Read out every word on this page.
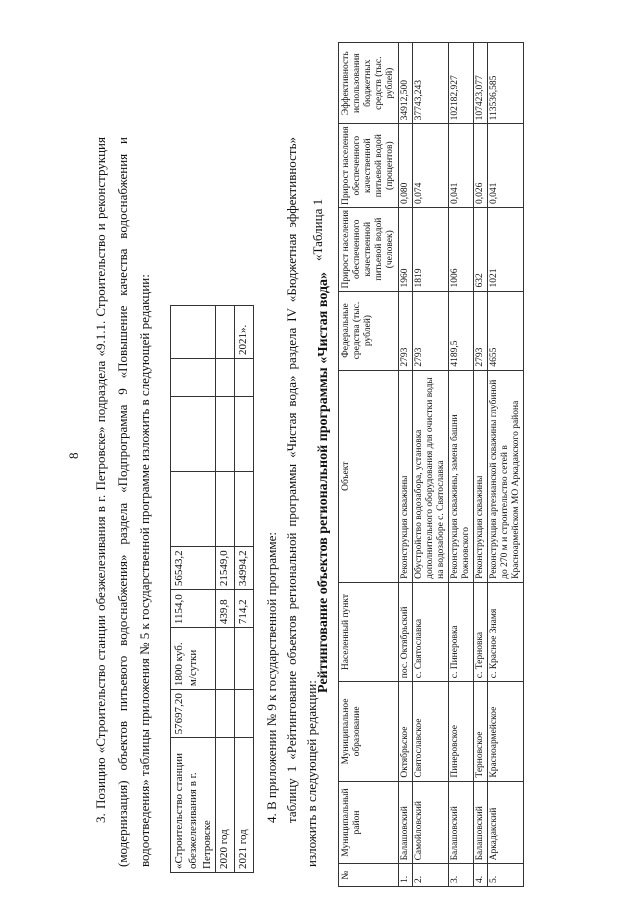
8 3. Позицию «Строительство станции обезжелезивания в г. Петровске» подраздела «9.1.1. Строительство и реконструкция (модернизация) объектов питьевого водоснабжения» раздела «Подпрограмма 9 «Повышение качества водоснабжения и водоотведения» таблицы приложения № 5 к государственной программе изложить в следующей редакции:	«Строительство станции обезжелезивания в г. Петровске	57697,20	1800 куб. м/сутки	1154,0	56543,2				
2020 год			439,8	21549,0				
2021 год			714,2	34994,2				2021».
4. В приложении № 9 к государственной программе: таблицу 1 «Рейтингование объектов региональной программы «Чистая вода» раздела IV «Бюджетная эффективность» изложить в следующей редакции:
«Таблица 1
Рейтингование объектов региональной программы «Чистая вода»
№	Муниципальный район	Муниципальное образование	Населенный пункт	Объект	Федеральные средства (тыс. рублей)	Прирост населения обеспеченного качественной питьевой водой (человек)	Прирост населения обеспеченного качественной питьевой водой (процентов)	Эффективность использования бюджетных средств (тыс. рублей)
1.	Балашовский	Октябрьское	пос. Октябрьский	Реконструкция скважины	2793	1960	0,080	34912,500
2.	Самойловский	Святославское	с. Святославка	Обустройство водозабора, установка дополнительного оборудования для очистки воды на водозаборе с. Святославка	2793	1819	0,074	37743,243
3.	Балашовский	Пинеровское	с. Пинеровка	Реконструкция скважины, замена башни Рожновского	4189,5	1006	0,041	102182,927
4.	Балашовский	Терновское	с. Терновка	Реконструкция скважины	2793	632	0,026	107423,077
5.	Аркадакский	Красноармейское	с. Красное Знамя	Реконструкция артезианской скважины глубиной до 270 м и строительство сетей в Красноармейском МО Аркадакского района	4655	1021	0,041	113536,585
